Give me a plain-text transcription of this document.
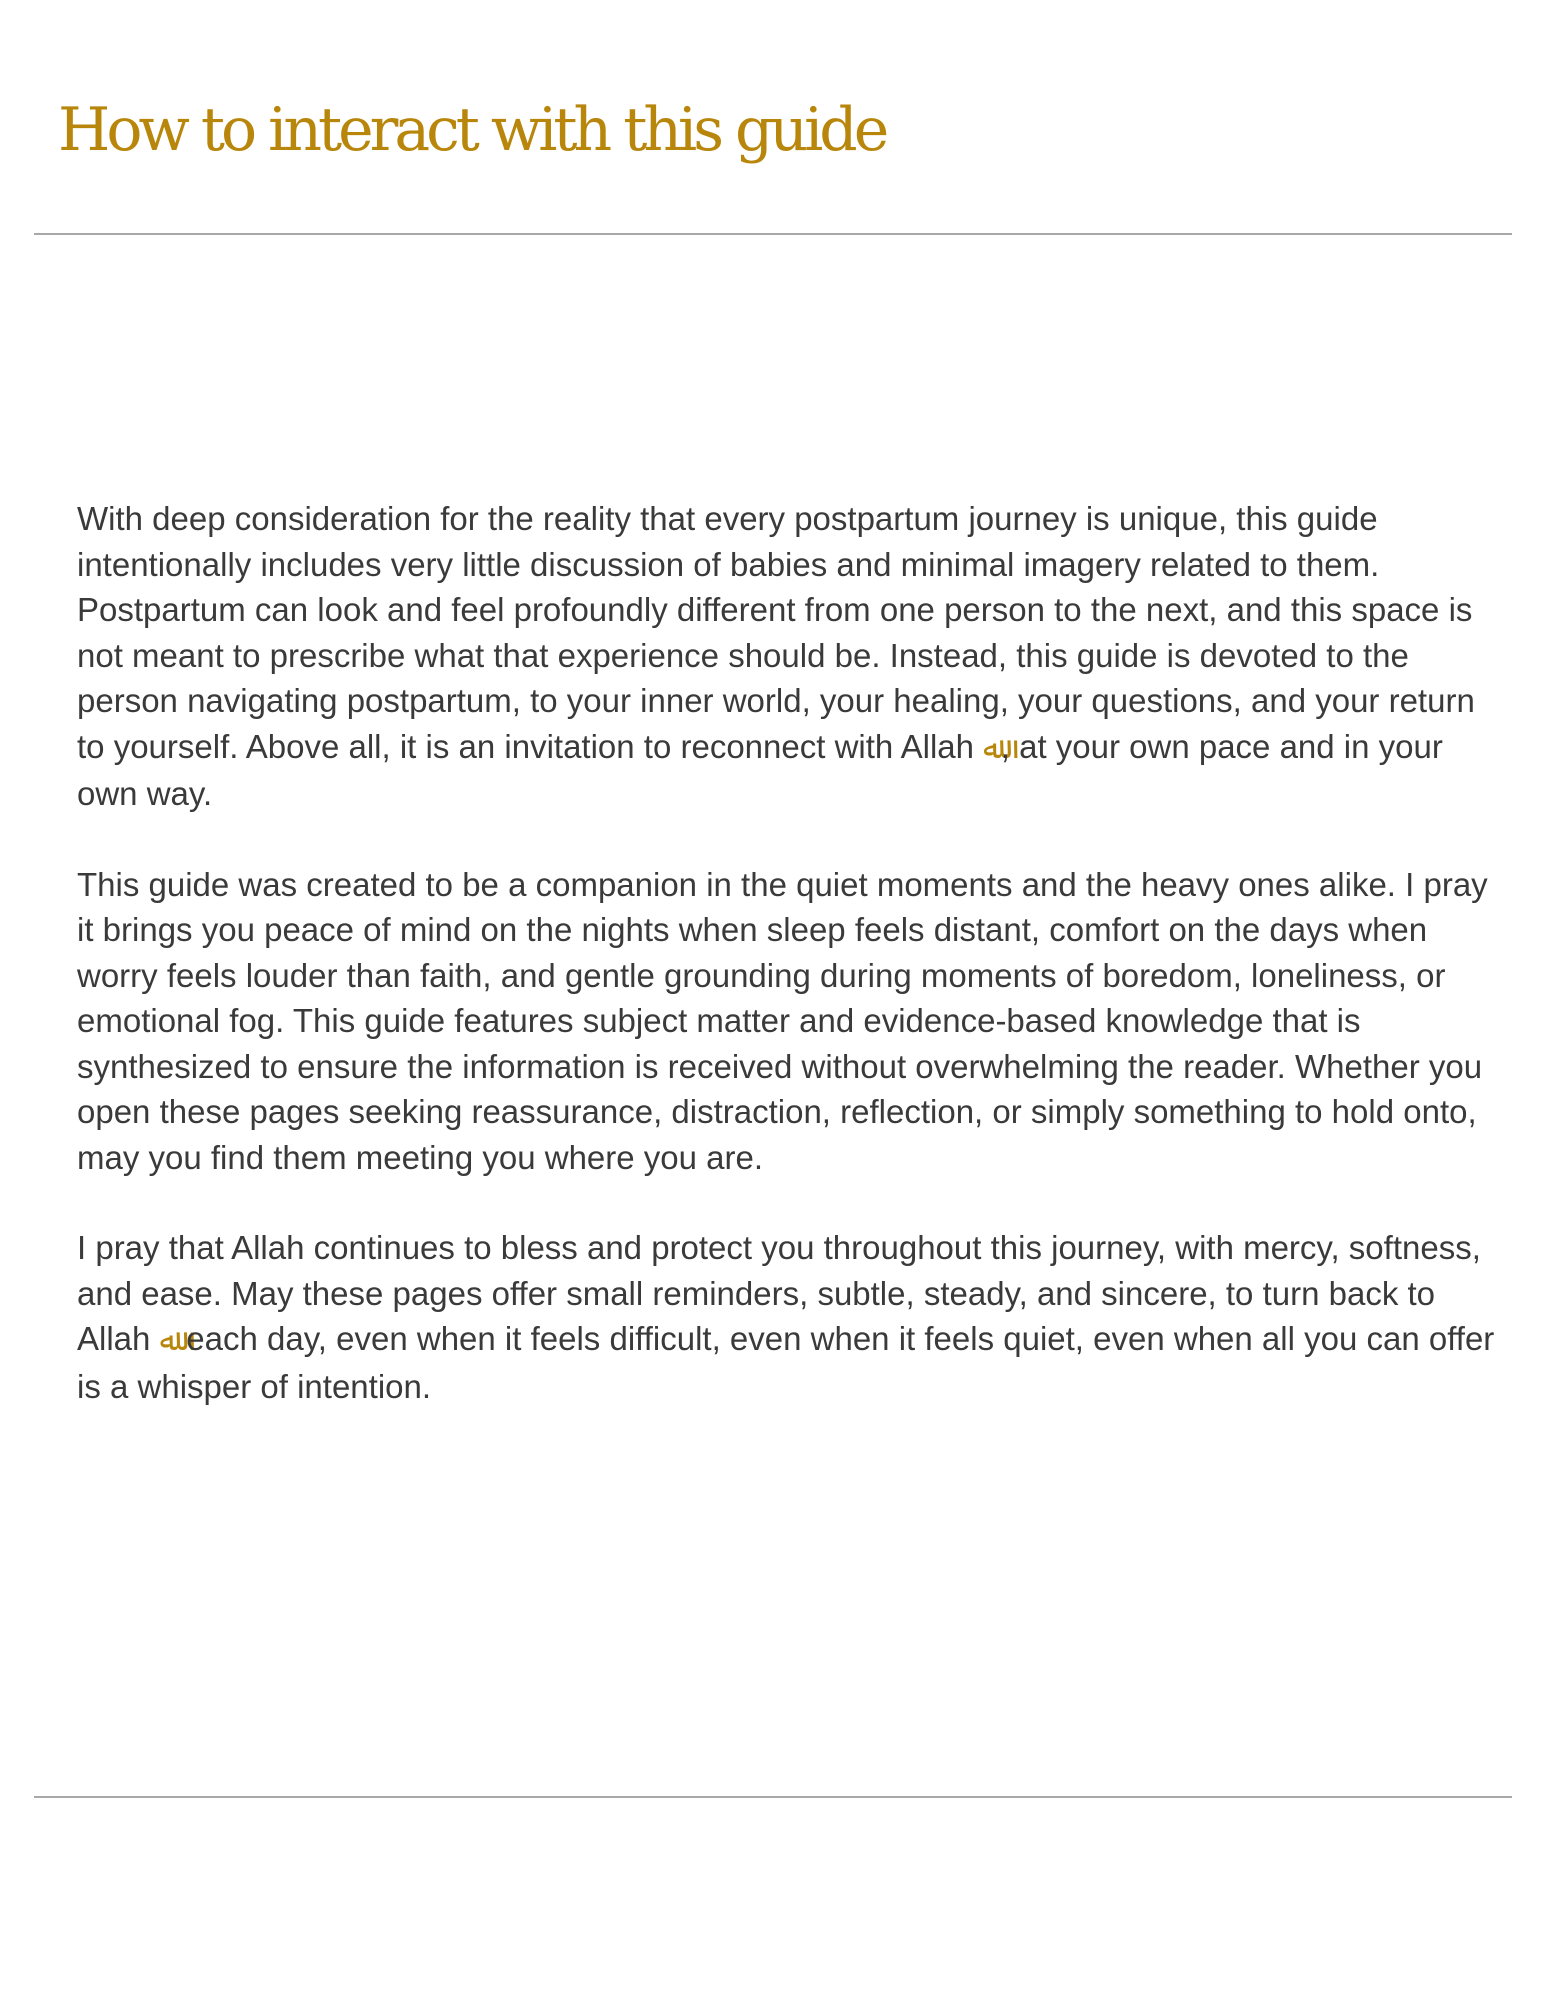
How to interact with this guide

With deep consideration for the reality that every postpartum journey is unique, this guide intentionally includes very little discussion of babies and minimal imagery related to them. Postpartum can look and feel profoundly different from one person to the next, and this space is not meant to prescribe what that experience should be. Instead, this guide is devoted to the person navigating postpartum, to your inner world, your healing, your questions, and your return to yourself. Above all, it is an invitation to reconnect with Allah ﷲ, at your own pace and in your own way.

This guide was created to be a companion in the quiet moments and the heavy ones alike. I pray it brings you peace of mind on the nights when sleep feels distant, comfort on the days when worry feels louder than faith, and gentle grounding during moments of boredom, loneliness, or emotional fog. This guide features subject matter and evidence-based knowledge that is synthesized to ensure the information is received without overwhelming the reader. Whether you open these pages seeking reassurance, distraction, reflection, or simply something to hold onto, may you find them meeting you where you are.

I pray that Allah continues to bless and protect you throughout this journey, with mercy, softness, and ease. May these pages offer small reminders, subtle, steady, and sincere, to turn back to Allah ﷲ each day, even when it feels difficult, even when it feels quiet, even when all you can offer is a whisper of intention.
